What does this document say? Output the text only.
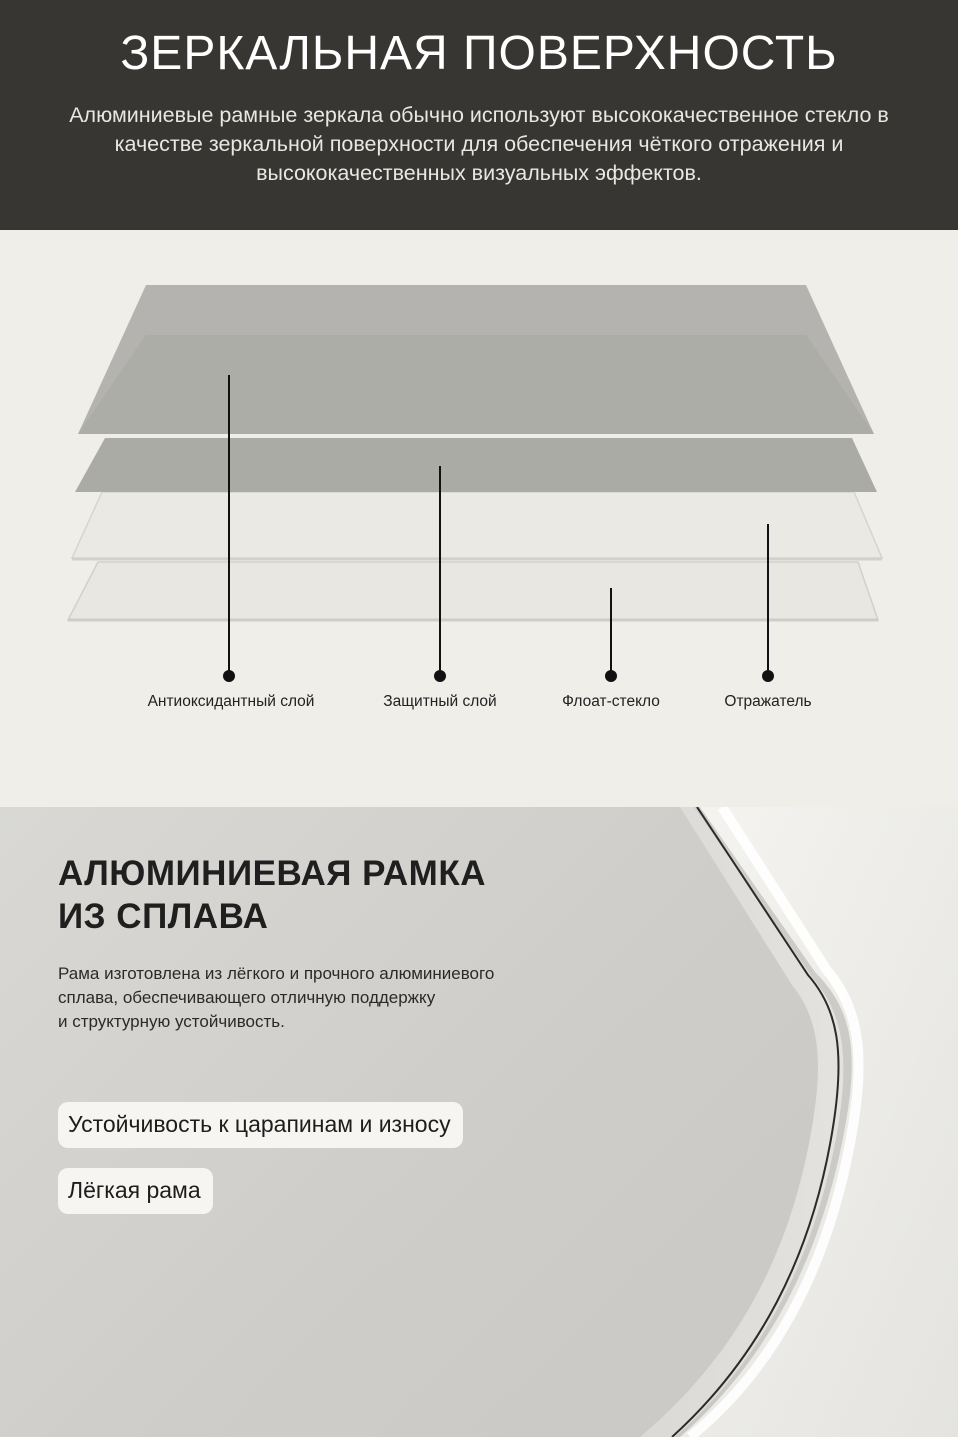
ЗЕРКАЛЬНАЯ ПОВЕРХНОСТЬ
Алюминиевые рамные зеркала обычно используют высококачественное стекло в качестве зеркальной поверхности для обеспечения чёткого отражения и высококачественных визуальных эффектов.
Антиоксидантный слой	Защитный слой	Флоат-стекло	Отражатель
АЛЮМИНИЕВАЯ РАМКА
ИЗ СПЛАВА
Рама изготовлена из лёгкого и прочного алюминиевого
сплава, обеспечивающего отличную поддержку
и структурную устойчивость.
Устойчивость к царапинам и износу
Лёгкая рама
